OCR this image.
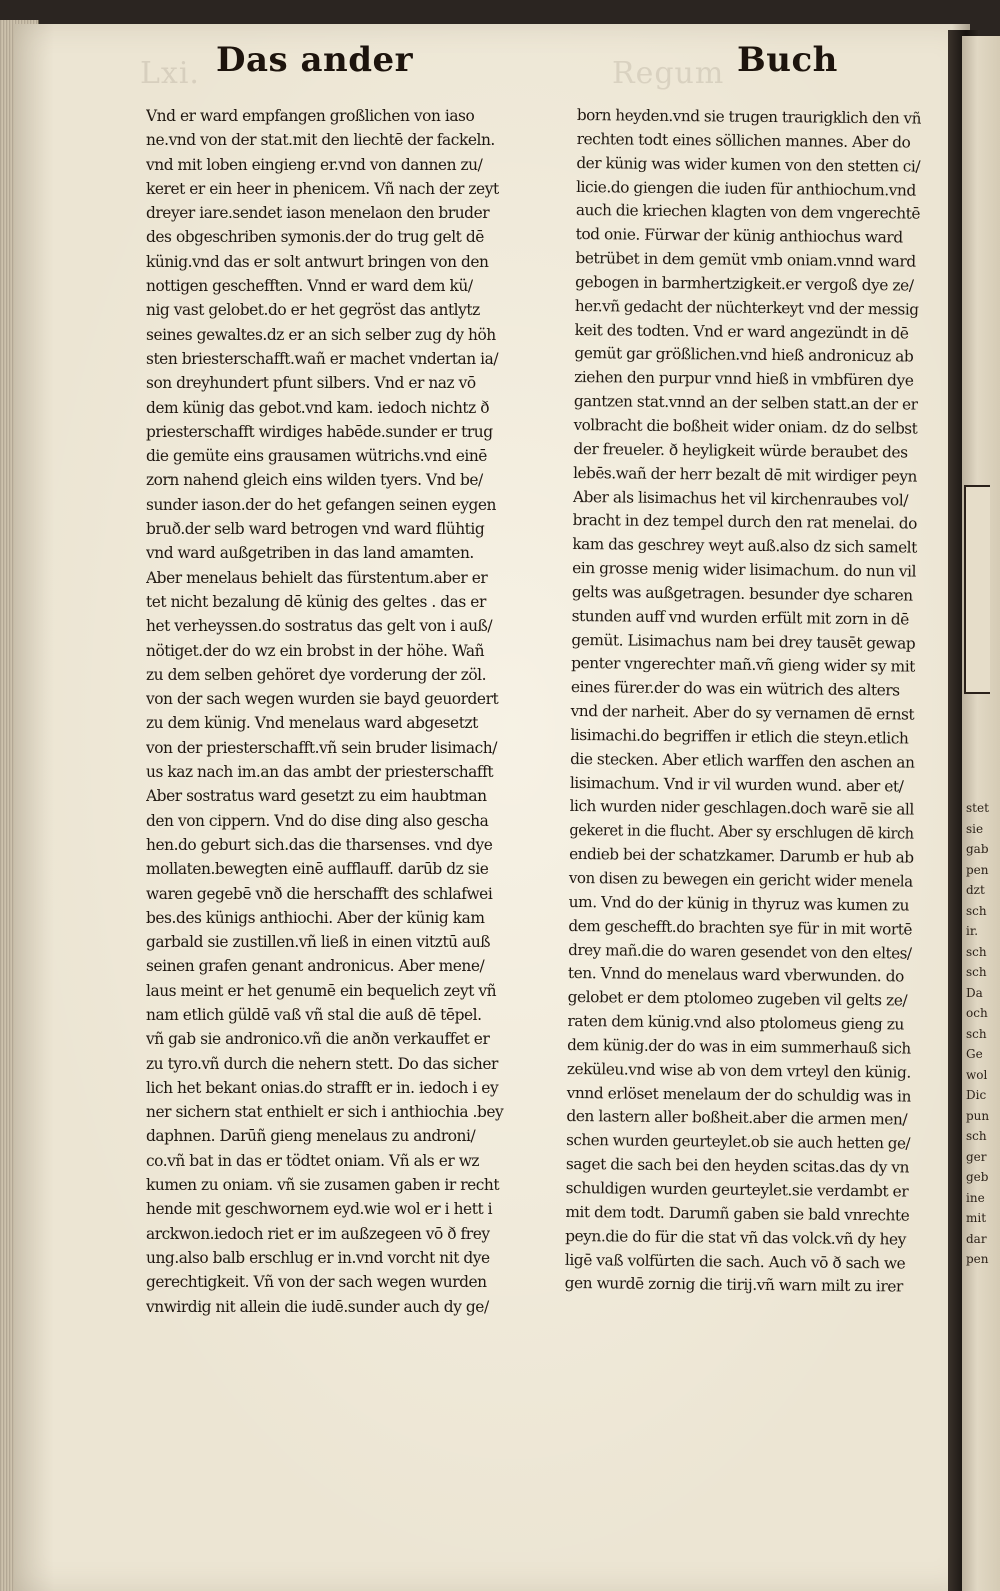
stet
sie
gab
pen
dzt
sch
ir.
sch
sch
Da
och
sch
Ge
wol
Dic
pun
sch
ger
geb
ine
mit
dar
pen
Lxi.	Regum
Das ander	Buch
Vnd er ward empfangen großlichen von iaso
ne.vnd von der stat.mit den liechtē der fackeln.
vnd mit loben eingieng er.vnd von dannen zu/
keret er ein heer in phenicem. Vñ nach der zeyt
dreyer iare.sendet iason menelaon den bruder
des obgeschriben symonis.der do trug gelt dē
künig.vnd das er solt antwurt bringen von den
nottigen geschefften. Vnnd er ward dem kü/
nig vast gelobet.do er het gegröst das antlytz
seines gewaltes.dz er an sich selber zug dy höh
sten briesterschafft.wañ er machet vndertan ia/
son dreyhundert pfunt silbers. Vnd er naz vō
dem künig das gebot.vnd kam. iedoch nichtz ð
priesterschafft wirdiges habēde.sunder er trug
die gemüte eins grausamen wütrichs.vnd einē
zorn nahend gleich eins wilden tyers. Vnd be/
sunder iason.der do het gefangen seinen eygen
bruð.der selb ward betrogen vnd ward flühtig
vnd ward außgetriben in das land amamten.
Aber menelaus behielt das fürstentum.aber er
tet nicht bezalung dē künig des geltes . das er
het verheyssen.do sostratus das gelt von i auß/
nötiget.der do wz ein brobst in der höhe. Wañ
zu dem selben gehöret dye vorderung der zöl.
von der sach wegen wurden sie bayd geuordert
zu dem künig. Vnd menelaus ward abgesetzt
von der priesterschafft.vñ sein bruder lisimach/
us kaz nach im.an das ambt der priesterschafft
Aber sostratus ward gesetzt zu eim haubtman
den von cippern. Vnd do dise ding also gescha
hen.do geburt sich.das die tharsenses. vnd dye
mollaten.bewegten einē aufflauff. darūb dz sie
waren gegebē vnð die herschafft des schlafwei
bes.des künigs anthiochi. Aber der künig kam
garbald sie zustillen.vñ ließ in einen vitztū auß
seinen grafen genant andronicus. Aber mene/
laus meint er het genumē ein bequelich zeyt vñ
nam etlich güldē vaß vñ stal die auß dē tēpel.
vñ gab sie andronico.vñ die anðn verkauffet er
zu tyro.vñ durch die nehern stett. Do das sicher
lich het bekant onias.do strafft er in. iedoch i ey
ner sichern stat enthielt er sich i anthiochia .bey
daphnen. Darūñ gieng menelaus zu androni/
co.vñ bat in das er tödtet oniam. Vñ als er wz
kumen zu oniam. vñ sie zusamen gaben ir recht
hende mit geschwornem eyd.wie wol er i hett i
arckwon.iedoch riet er im außzegeen vō ð frey
ung.also balb erschlug er in.vnd vorcht nit dye
gerechtigkeit. Vñ von der sach wegen wurden
vnwirdig nit allein die iudē.sunder auch dy ge/
born heyden.vnd sie trugen traurigklich den vñ
rechten todt eines söllichen mannes. Aber do
der künig was wider kumen von den stetten ci/
licie.do giengen die iuden für anthiochum.vnd
auch die kriechen klagten von dem vngerechtē
tod onie. Fürwar der künig anthiochus ward
betrübet in dem gemüt vmb oniam.vnnd ward
gebogen in barmhertzigkeit.er vergoß dye ze/
her.vñ gedacht der nüchterkeyt vnd der messig
keit des todten. Vnd er ward angezündt in dē
gemüt gar größlichen.vnd hieß andronicuz ab
ziehen den purpur vnnd hieß in vmbfüren dye
gantzen stat.vnnd an der selben statt.an der er
volbracht die boßheit wider oniam. dz do selbst
der freueler. ð heyligkeit würde beraubet des
lebēs.wañ der herr bezalt dē mit wirdiger peyn
Aber als lisimachus het vil kirchenraubes vol/
bracht in dez tempel durch den rat menelai. do
kam das geschrey weyt auß.also dz sich samelt
ein grosse menig wider lisimachum. do nun vil
gelts was außgetragen. besunder dye scharen
stunden auff vnd wurden erfült mit zorn in dē
gemüt. Lisimachus nam bei drey tausēt gewap
penter vngerechter mañ.vñ gieng wider sy mit
eines fürer.der do was ein wütrich des alters
vnd der narheit. Aber do sy vernamen dē ernst
lisimachi.do begriffen ir etlich die steyn.etlich
die stecken. Aber etlich warffen den aschen an
lisimachum. Vnd ir vil wurden wund. aber et/
lich wurden nider geschlagen.doch warē sie all
gekeret in die flucht. Aber sy erschlugen dē kirch
endieb bei der schatzkamer. Darumb er hub ab
von disen zu bewegen ein gericht wider menela
um. Vnd do der künig in thyruz was kumen zu
dem geschefft.do brachten sye für in mit wortē
drey mañ.die do waren gesendet von den eltes/
ten. Vnnd do menelaus ward vberwunden. do
gelobet er dem ptolomeo zugeben vil gelts ze/
raten dem künig.vnd also ptolomeus gieng zu
dem künig.der do was in eim summerhauß sich
zeküleu.vnd wise ab von dem vrteyl den künig.
vnnd erlöset menelaum der do schuldig was in
den lastern aller boßheit.aber die armen men/
schen wurden geurteylet.ob sie auch hetten ge/
saget die sach bei den heyden scitas.das dy vn
schuldigen wurden geurteylet.sie verdambt er
mit dem todt. Darumñ gaben sie bald vnrechte
peyn.die do für die stat vñ das volck.vñ dy hey
ligē vaß volfürten die sach. Auch vō ð sach we
gen wurdē zornig die tirij.vñ warn milt zu irer
